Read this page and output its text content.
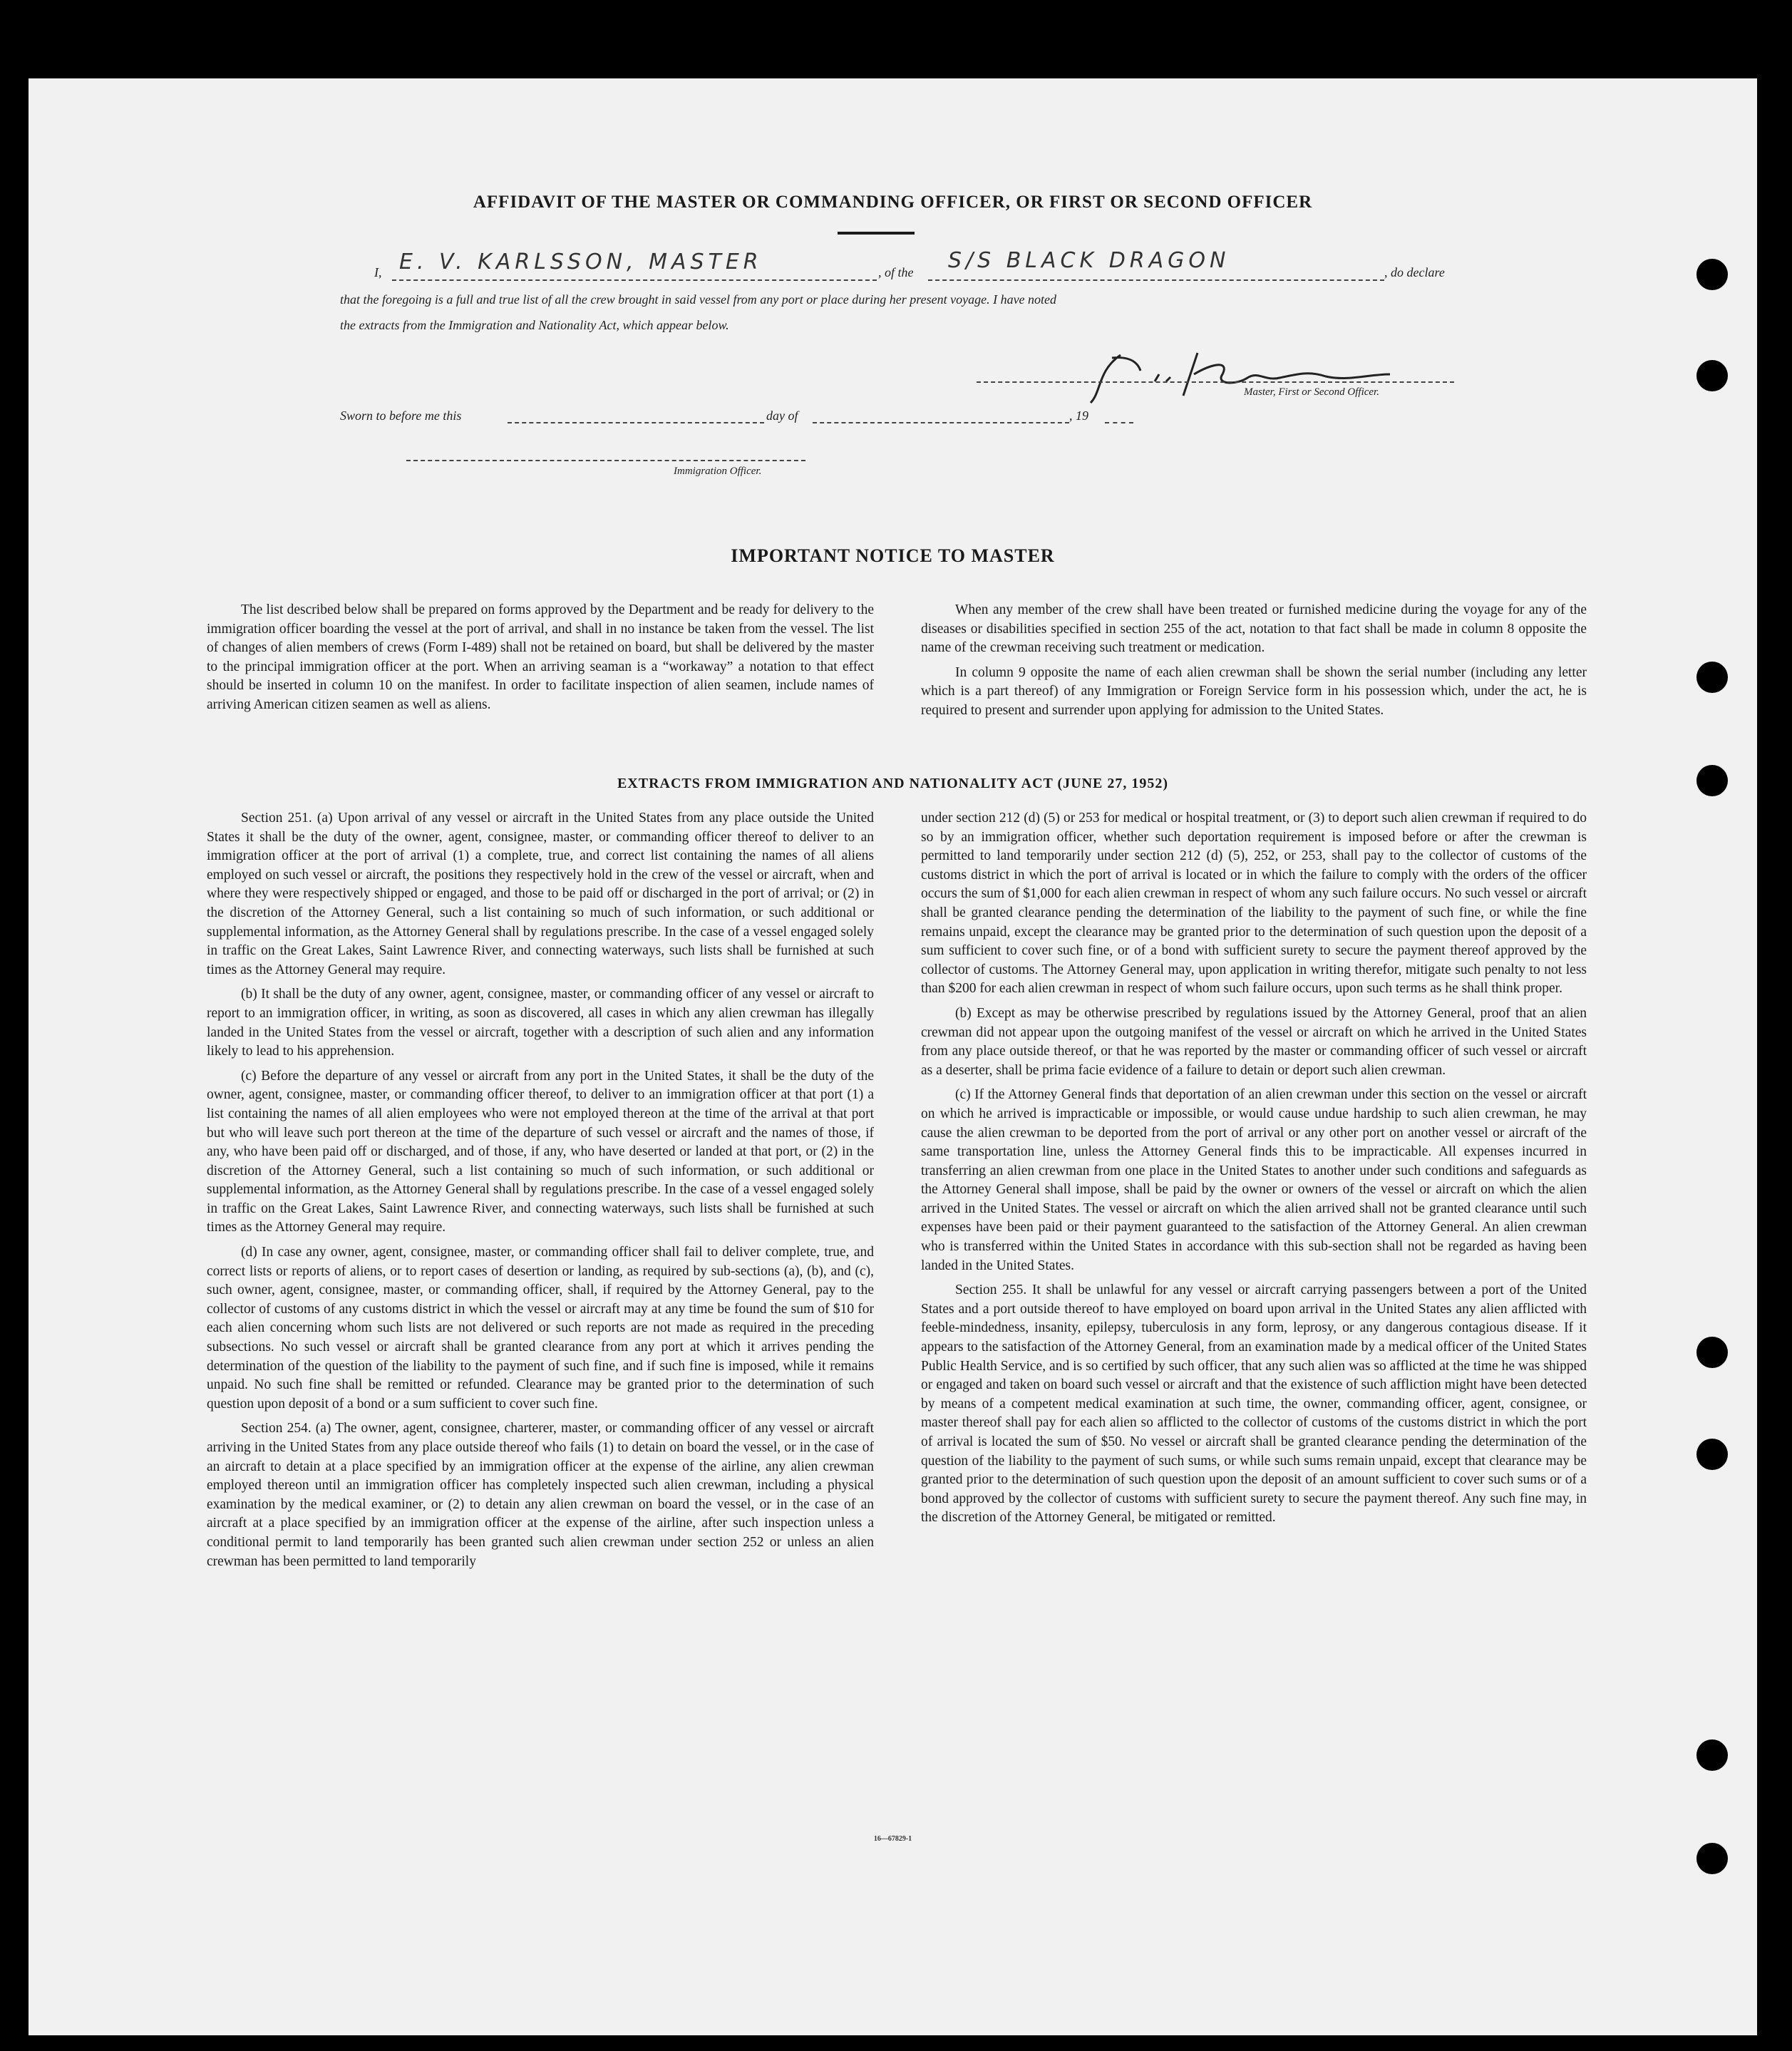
AFFIDAVIT OF THE MASTER OR COMMANDING OFFICER, OR FIRST OR SECOND OFFICER
I, E. V. KARLSSON, MASTER	, of the S/S BLACK DRAGON	, do declare
that the foregoing is a full and true list of all the crew brought in said vessel from any port or place during her present voyage. I have noted
the extracts from the Immigration and Nationality Act, which appear below.
Master, First or Second Officer.
Sworn to before me this	day of	, 19
Immigration Officer.
IMPORTANT NOTICE TO MASTER

The list described below shall be prepared on forms approved by the Department and be ready for delivery to the immigration officer boarding the vessel at the port of arrival, and shall in no instance be taken from the vessel. The list of changes of alien members of crews (Form I-489) shall not be retained on board, but shall be delivered by the master to the principal immigration officer at the port. When an arriving seaman is a “workaway” a notation to that effect should be inserted in column 10 on the manifest. In order to facilitate inspection of alien seamen, include names of arriving American citizen seamen as well as aliens.

When any member of the crew shall have been treated or furnished medicine during the voyage for any of the diseases or disabilities specified in section 255 of the act, notation to that fact shall be made in column 8 opposite the name of the crewman receiving such treatment or medication.

In column 9 opposite the name of each alien crewman shall be shown the serial number (including any letter which is a part thereof) of any Immigration or Foreign Service form in his possession which, under the act, he is required to present and surrender upon applying for admission to the United States.

EXTRACTS FROM IMMIGRATION AND NATIONALITY ACT (JUNE 27, 1952)

Section 251. (a) Upon arrival of any vessel or aircraft in the United States from any place outside the United States it shall be the duty of the owner, agent, consignee, master, or commanding officer thereof to deliver to an immigration officer at the port of arrival (1) a complete, true, and correct list containing the names of all aliens employed on such vessel or aircraft, the positions they respectively hold in the crew of the vessel or aircraft, when and where they were respectively shipped or engaged, and those to be paid off or discharged in the port of arrival; or (2) in the discretion of the Attorney General, such a list containing so much of such information, or such additional or supplemental information, as the Attorney General shall by regulations prescribe. In the case of a vessel engaged solely in traffic on the Great Lakes, Saint Lawrence River, and connecting waterways, such lists shall be furnished at such times as the Attorney General may require.

(b) It shall be the duty of any owner, agent, consignee, master, or commanding officer of any vessel or aircraft to report to an immigration officer, in writing, as soon as discovered, all cases in which any alien crewman has illegally landed in the United States from the vessel or aircraft, together with a description of such alien and any information likely to lead to his apprehension.

(c) Before the departure of any vessel or aircraft from any port in the United States, it shall be the duty of the owner, agent, consignee, master, or commanding officer thereof, to deliver to an immigration officer at that port (1) a list containing the names of all alien employees who were not employed thereon at the time of the arrival at that port but who will leave such port thereon at the time of the departure of such vessel or aircraft and the names of those, if any, who have been paid off or discharged, and of those, if any, who have deserted or landed at that port, or (2) in the discretion of the Attorney General, such a list containing so much of such information, or such additional or supplemental information, as the Attorney General shall by regulations prescribe. In the case of a vessel engaged solely in traffic on the Great Lakes, Saint Lawrence River, and connecting waterways, such lists shall be furnished at such times as the Attorney General may require.

(d) In case any owner, agent, consignee, master, or commanding officer shall fail to deliver complete, true, and correct lists or reports of aliens, or to report cases of desertion or landing, as required by sub-sections (a), (b), and (c), such owner, agent, consignee, master, or commanding officer, shall, if required by the Attorney General, pay to the collector of customs of any customs district in which the vessel or aircraft may at any time be found the sum of $10 for each alien concerning whom such lists are not delivered or such reports are not made as required in the preceding subsections. No such vessel or aircraft shall be granted clearance from any port at which it arrives pending the determination of the question of the liability to the payment of such fine, and if such fine is imposed, while it remains unpaid. No such fine shall be remitted or refunded. Clearance may be granted prior to the determination of such question upon deposit of a bond or a sum sufficient to cover such fine.

Section 254. (a) The owner, agent, consignee, charterer, master, or commanding officer of any vessel or aircraft arriving in the United States from any place outside thereof who fails (1) to detain on board the vessel, or in the case of an aircraft to detain at a place specified by an immigration officer at the expense of the airline, any alien crewman employed thereon until an immigration officer has completely inspected such alien crewman, including a physical examination by the medical examiner, or (2) to detain any alien crewman on board the vessel, or in the case of an aircraft at a place specified by an immigration officer at the expense of the airline, after such inspection unless a conditional permit to land temporarily has been granted such alien crewman under section 252 or unless an alien crewman has been permitted to land temporarily

under section 212 (d) (5) or 253 for medical or hospital treatment, or (3) to deport such alien crewman if required to do so by an immigration officer, whether such deportation requirement is imposed before or after the crewman is permitted to land temporarily under section 212 (d) (5), 252, or 253, shall pay to the collector of customs of the customs district in which the port of arrival is located or in which the failure to comply with the orders of the officer occurs the sum of $1,000 for each alien crewman in respect of whom any such failure occurs. No such vessel or aircraft shall be granted clearance pending the determination of the liability to the payment of such fine, or while the fine remains unpaid, except the clearance may be granted prior to the determination of such question upon the deposit of a sum sufficient to cover such fine, or of a bond with sufficient surety to secure the payment thereof approved by the collector of customs. The Attorney General may, upon application in writing therefor, mitigate such penalty to not less than $200 for each alien crewman in respect of whom such failure occurs, upon such terms as he shall think proper.

(b) Except as may be otherwise prescribed by regulations issued by the Attorney General, proof that an alien crewman did not appear upon the outgoing manifest of the vessel or aircraft on which he arrived in the United States from any place outside thereof, or that he was reported by the master or commanding officer of such vessel or aircraft as a deserter, shall be prima facie evidence of a failure to detain or deport such alien crewman.

(c) If the Attorney General finds that deportation of an alien crewman under this section on the vessel or aircraft on which he arrived is impracticable or impossible, or would cause undue hardship to such alien crewman, he may cause the alien crewman to be deported from the port of arrival or any other port on another vessel or aircraft of the same transportation line, unless the Attorney General finds this to be impracticable. All expenses incurred in transferring an alien crewman from one place in the United States to another under such conditions and safeguards as the Attorney General shall impose, shall be paid by the owner or owners of the vessel or aircraft on which the alien arrived in the United States. The vessel or aircraft on which the alien arrived shall not be granted clearance until such expenses have been paid or their payment guaranteed to the satisfaction of the Attorney General. An alien crewman who is transferred within the United States in accordance with this sub-section shall not be regarded as having been landed in the United States.

Section 255. It shall be unlawful for any vessel or aircraft carrying passengers between a port of the United States and a port outside thereof to have employed on board upon arrival in the United States any alien afflicted with feeble-mindedness, insanity, epilepsy, tuberculosis in any form, leprosy, or any dangerous contagious disease. If it appears to the satisfaction of the Attorney General, from an examination made by a medical officer of the United States Public Health Service, and is so certified by such officer, that any such alien was so afflicted at the time he was shipped or engaged and taken on board such vessel or aircraft and that the existence of such affliction might have been detected by means of a competent medical examination at such time, the owner, commanding officer, agent, consignee, or master thereof shall pay for each alien so afflicted to the collector of customs of the customs district in which the port of arrival is located the sum of $50. No vessel or aircraft shall be granted clearance pending the determination of the question of the liability to the payment of such sums, or while such sums remain unpaid, except that clearance may be granted prior to the determination of such question upon the deposit of an amount sufficient to cover such sums or of a bond approved by the collector of customs with sufficient surety to secure the payment thereof. Any such fine may, in the discretion of the Attorney General, be mitigated or remitted.

16—67829-1
